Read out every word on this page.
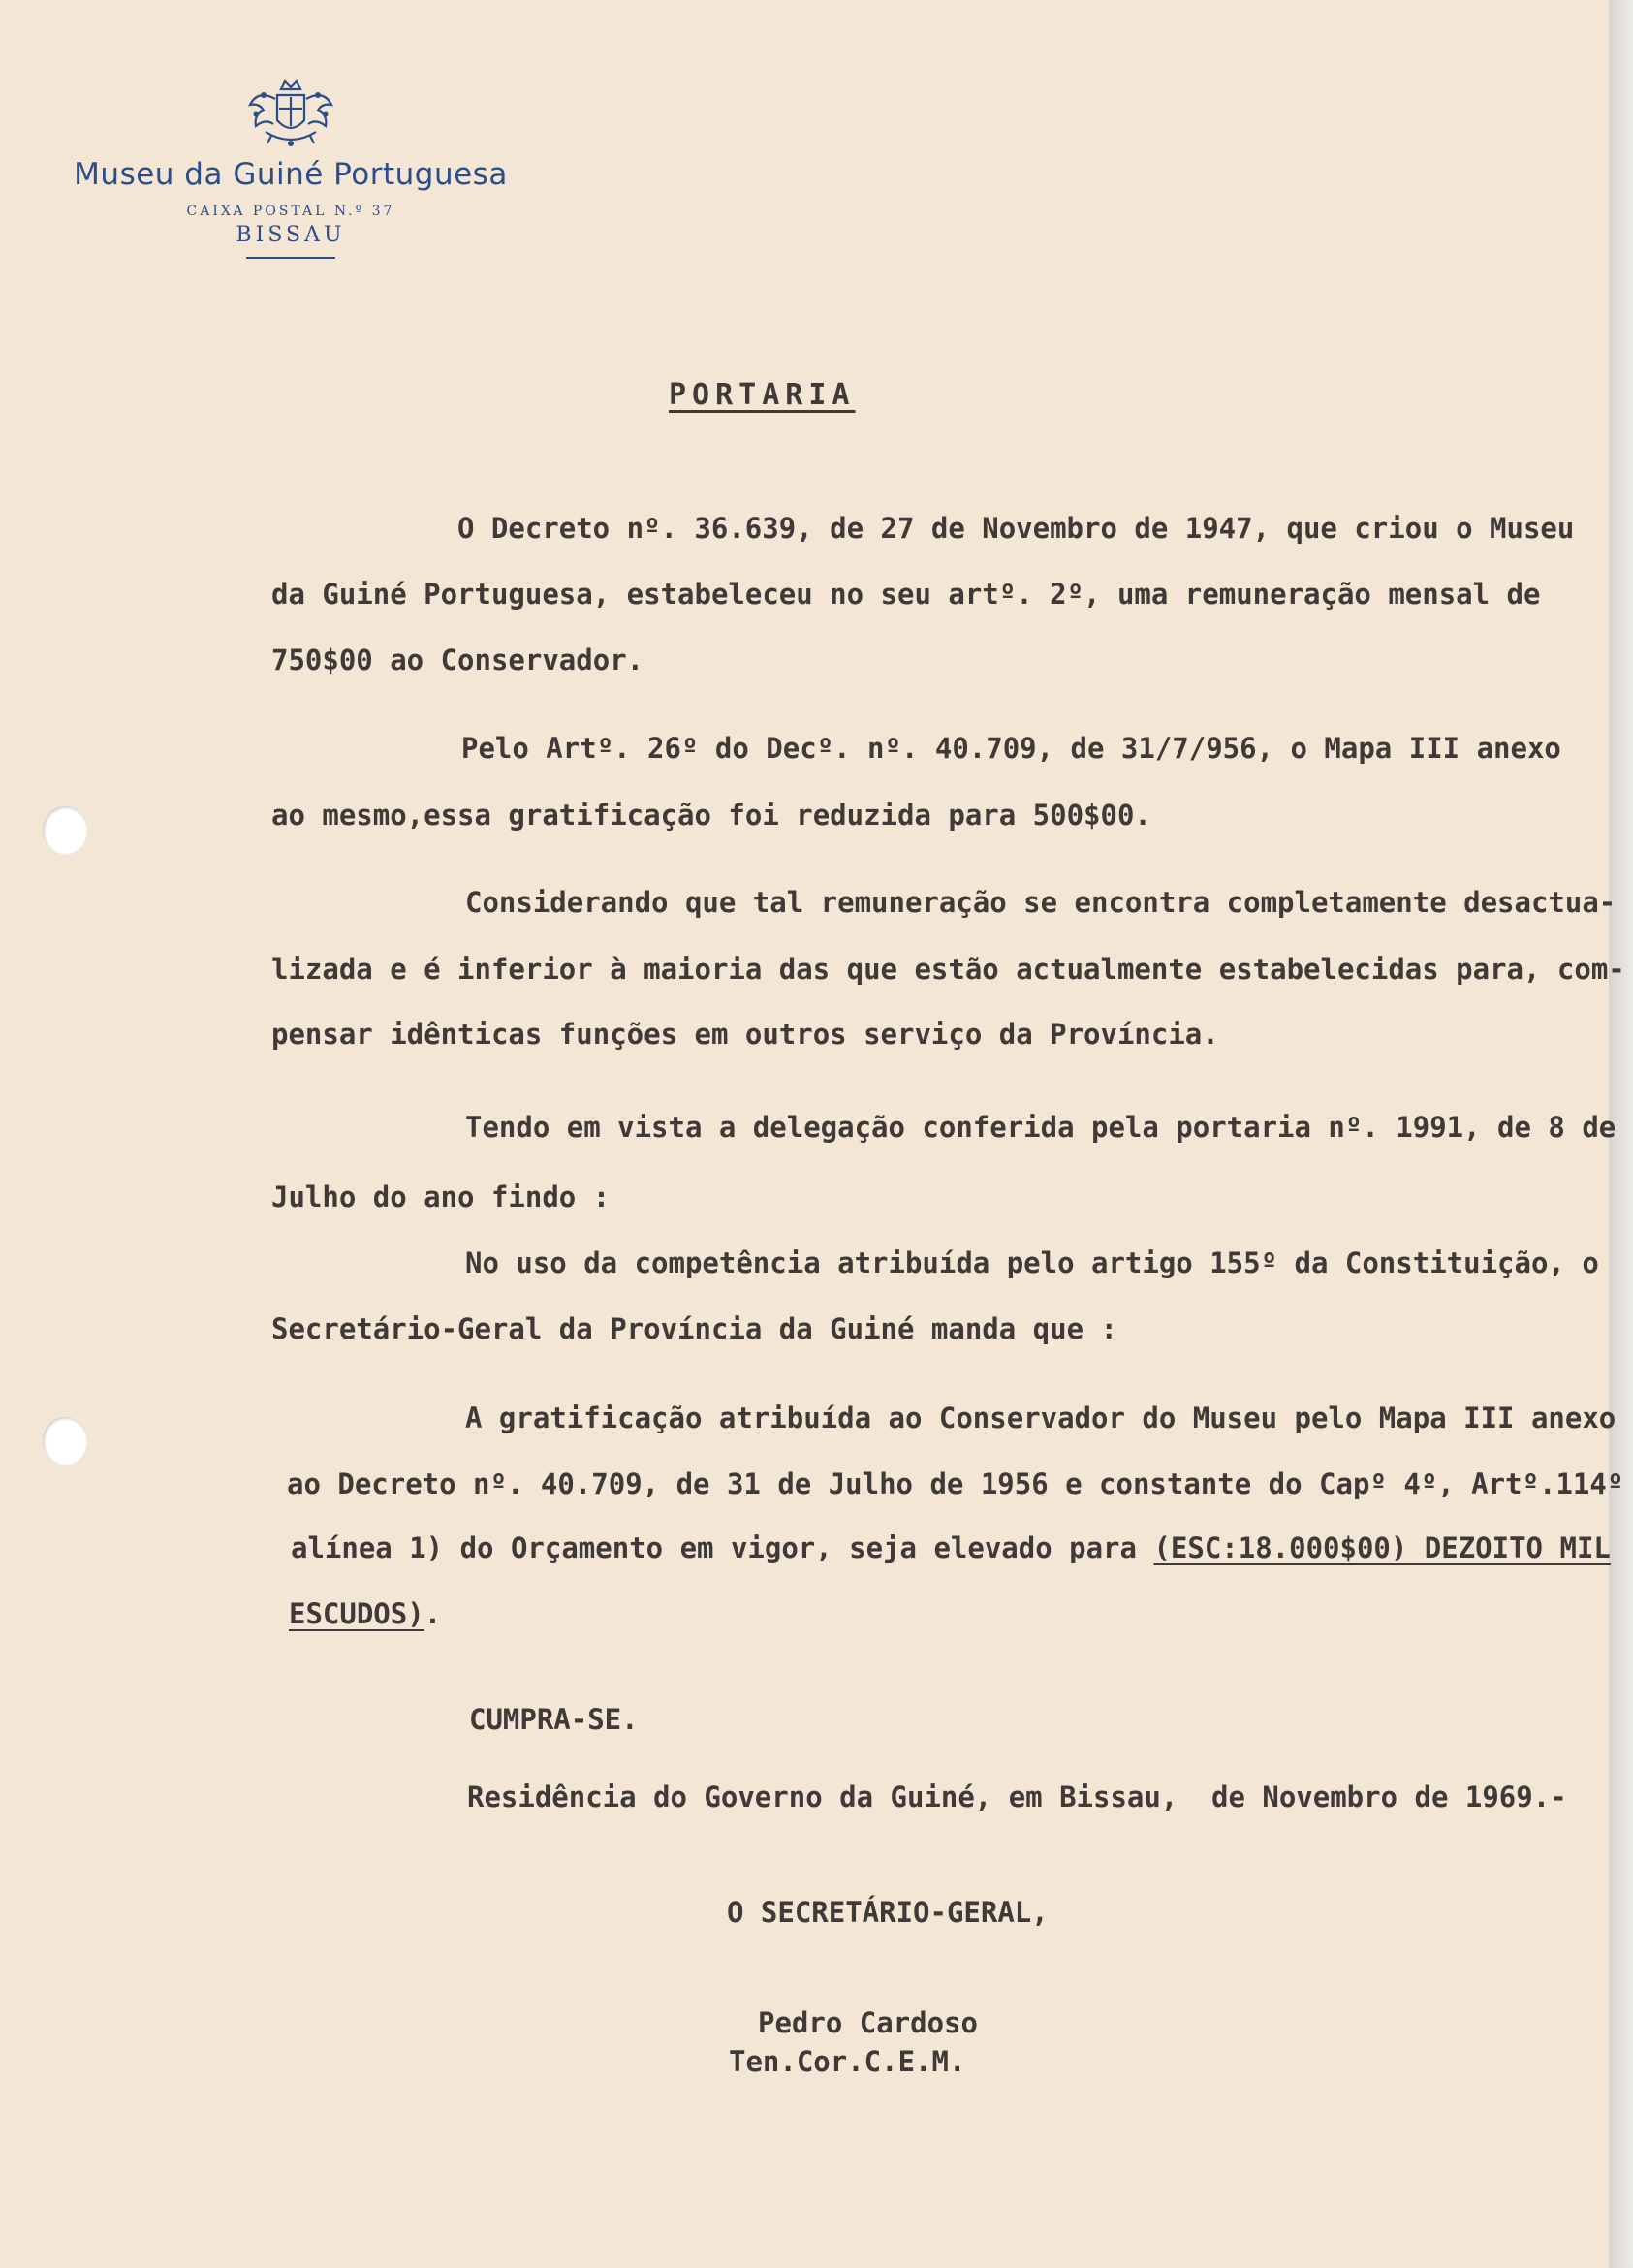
Museu da Guiné Portuguesa
CAIXA POSTAL N.º 37
BISSAU
PORTARIA
O Decreto nº. 36.639, de 27 de Novembro de 1947, que criou o Museu
da Guiné Portuguesa, estabeleceu no seu artº. 2º, uma remuneração mensal de
750$00 ao Conservador.
Pelo Artº. 26º do Decº. nº. 40.709, de 31/7/956, o Mapa III anexo
ao mesmo,essa gratificação foi reduzida para 500$00.
Considerando que tal remuneração se encontra completamente desactua-
lizada e é inferior à maioria das que estão actualmente estabelecidas para, com-
pensar idênticas funções em outros serviço da Província.
Tendo em vista a delegação conferida pela portaria nº. 1991, de 8 de
Julho do ano findo :
No uso da competência atribuída pelo artigo 155º da Constituição, o
Secretário-Geral da Província da Guiné manda que :
A gratificação atribuída ao Conservador do Museu pelo Mapa III anexo
ao Decreto nº. 40.709, de 31 de Julho de 1956 e constante do Capº 4º, Artº.114º
alínea 1) do Orçamento em vigor, seja elevado para (ESC:18.000$00) DEZOITO MIL
ESCUDOS).
CUMPRA-SE.
Residência do Governo da Guiné, em Bissau, de Novembro de 1969.-
O SECRETÁRIO-GERAL,
Pedro Cardoso
Ten.Cor.C.E.M.
